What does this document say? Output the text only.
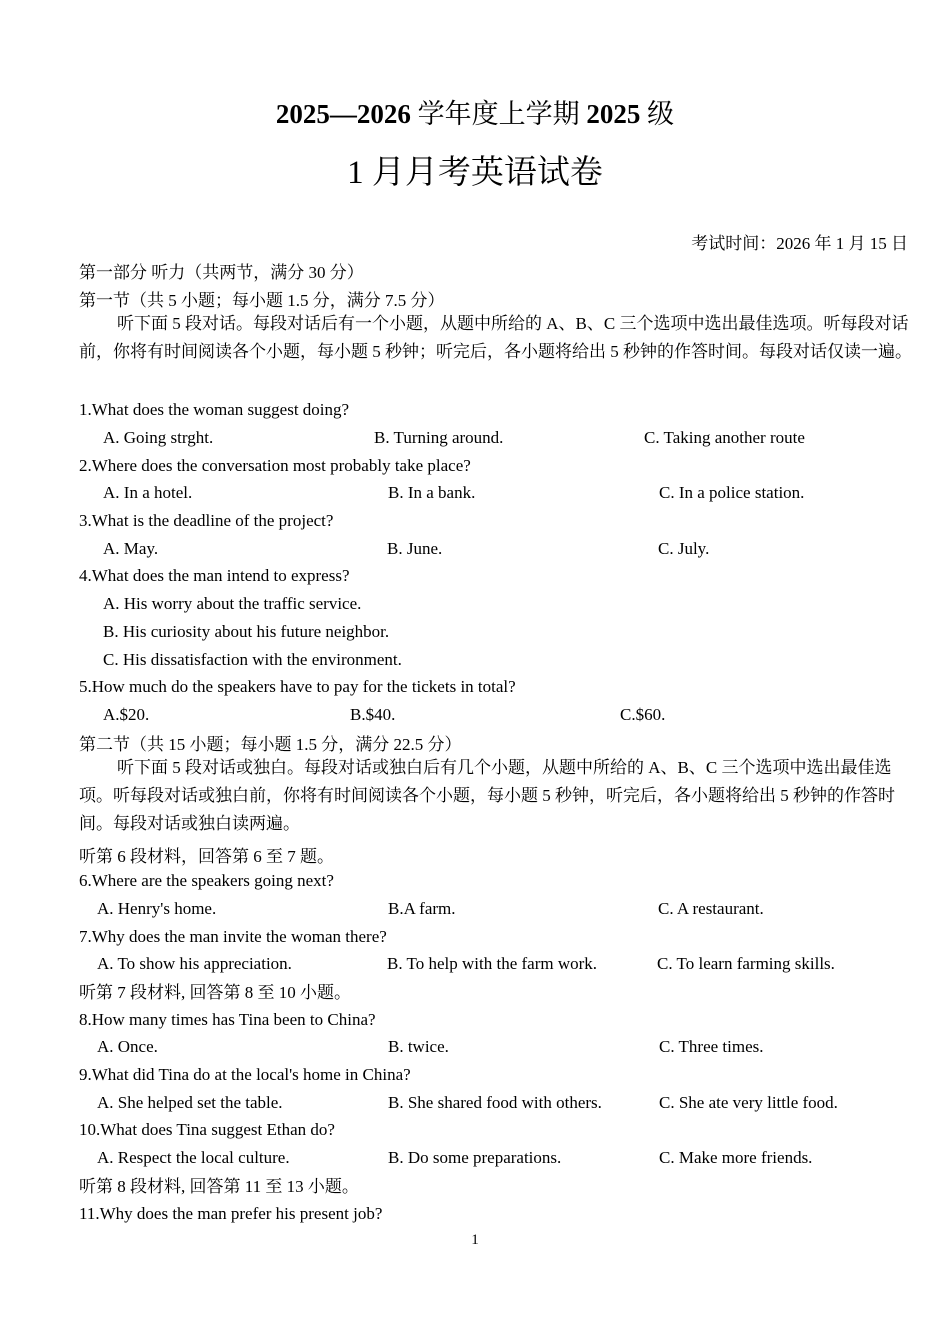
2025—2026 学年度上学期 2025 级
1 月月考英语试卷
考试时间：2026 年 1 月 15 日
第一部分 听力（共两节，满分 30 分）
第一节（共 5 小题；每小题 1.5 分，满分 7.5 分）
听下面 5 段对话。每段对话后有一个小题，从题中所给的 A、B、C 三个选项中选出最佳选项。听每段对话前，你将有时间阅读各个小题，每小题 5 秒钟；听完后，各小题将给出 5 秒钟的作答时间。每段对话仅读一遍。
1.What does the woman suggest doing?
A. Going strght.	B. Turning around.	C. Taking another route
2.Where does the conversation most probably take place?
A. In a hotel.	B. In a bank.	C. In a police station.
3.What is the deadline of the project?
A. May.	B. June.	C. July.
4.What does the man intend to express?
A. His worry about the traffic service.
B. His curiosity about his future neighbor.
C. His dissatisfaction with the environment.
5.How much do the speakers have to pay for the tickets in total?
A.$20.	B.$40.	C.$60.
第二节（共 15 小题；每小题 1.5 分，满分 22.5 分）
听下面 5 段对话或独白。每段对话或独白后有几个小题，从题中所给的 A、B、C 三个选项中选出最佳选项。听每段对话或独白前，你将有时间阅读各个小题，每小题 5 秒钟，听完后，各小题将给出 5 秒钟的作答时间。每段对话或独白读两遍。
听第 6 段材料，回答第 6 至 7 题。
6.Where are the speakers going next?
A. Henry's home.	B.A farm.	C. A restaurant.
7.Why does the man invite the woman there?
A. To show his appreciation.	B. To help with the farm work.	C. To learn farming skills.
听第 7 段材料, 回答第 8 至 10 小题。
8.How many times has Tina been to China?
A. Once.	B. twice.	C. Three times.
9.What did Tina do at the local's home in China?
A. She helped set the table.	B. She shared food with others.	C. She ate very little food.
10.What does Tina suggest Ethan do?
A. Respect the local culture.	B. Do some preparations.	C. Make more friends.
听第 8 段材料, 回答第 11 至 13 小题。
11.Why does the man prefer his present job?
1
